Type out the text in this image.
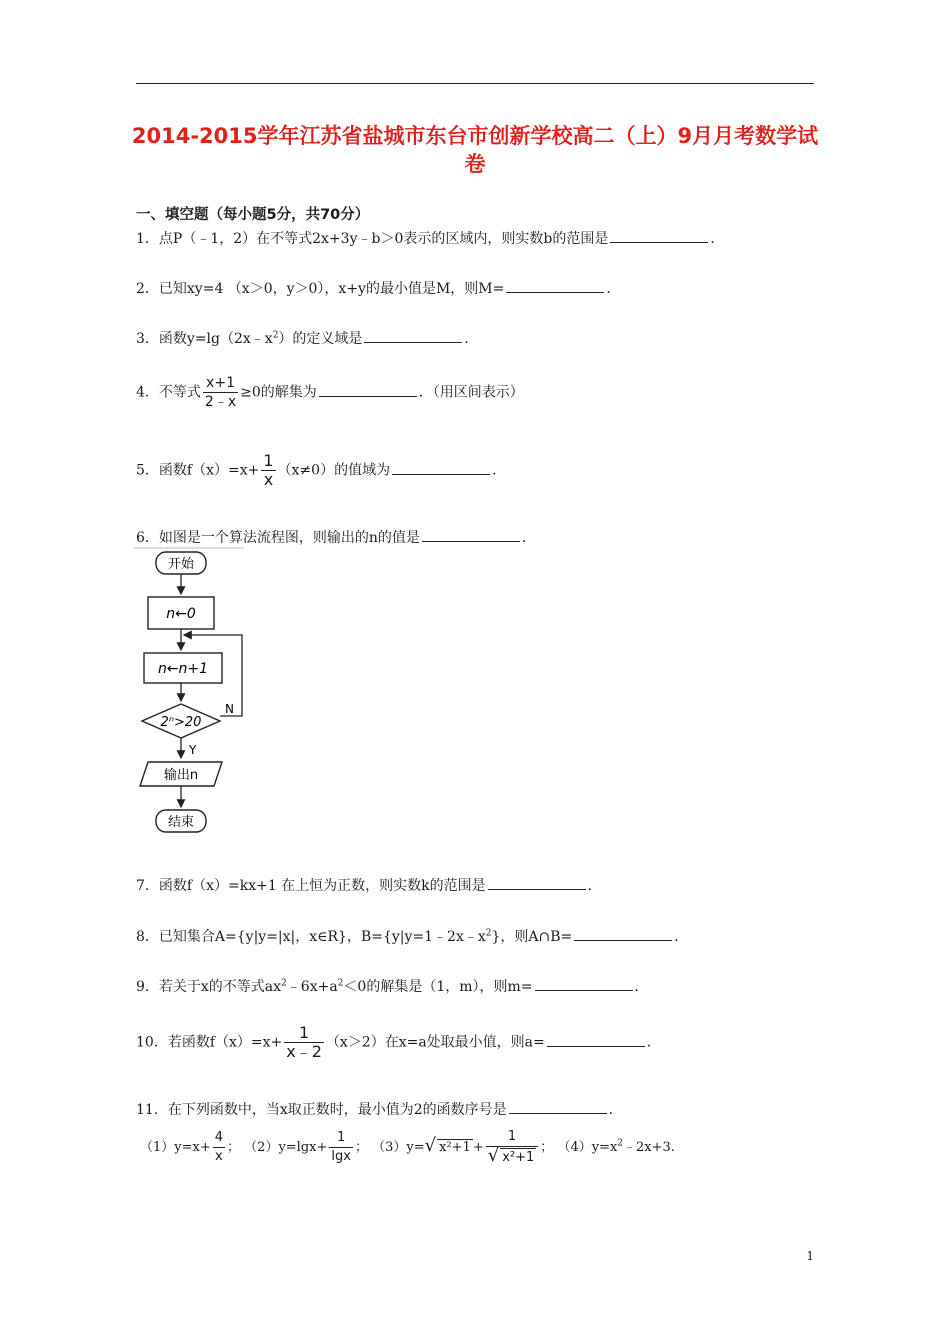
2014-2015学年江苏省盐城市东台市创新学校高二（上）9月月考数学试卷
一、填空题（每小题5分，共70分）
1．点P（﹣1，2）在不等式2x+3y﹣b＞0表示的区域内，则实数b的范围是	．
2．已知xy=4 （x＞0，y＞0），x+y的最小值是M，则M=	．
3．函数$y=\lg(2x﹣x^2)$的定义域是	．
4．不等式 $\frac{x+1}{2﹣x} \ge 0$的解集为	．（用区间表示）
5．函数$f(x)=x+ \frac{1}{x} (x\ne 0)$的值域为	．
6．如图是一个算法流程图，则输出的n的值是	．
开始
n←0
n←n+1
2ⁿ>20
N
Y
输出n
结束
7．函数f（x）=kx+1 在上恒为正数，则实数k的范围是	．
8．已知集合A={y|y=|x|，x∈R}，$B=\{y|y=1﹣2x﹣x^2\}$，则A∩B=	．
9．若关于x的不等式$ax^2﹣6x+a^2<0$的解集是（1，m），则m=	．
10．若函数$f(x)=x+ \frac{1}{x﹣2} (x>2)$在x=a处取最小值，则a=	．
11．在下列函数中，当x取正数时，最小值为2的函数序号是	．
$(1)y=x+ \frac{4}{x}$ ； $(2)y=\lg x+ \frac{1}{\lg x}$ ； （3）y=√ $x^2+1 + \frac{1}{\text{√ x²+1}}$ ； $(4)y=x^2﹣2x+3$.
1
